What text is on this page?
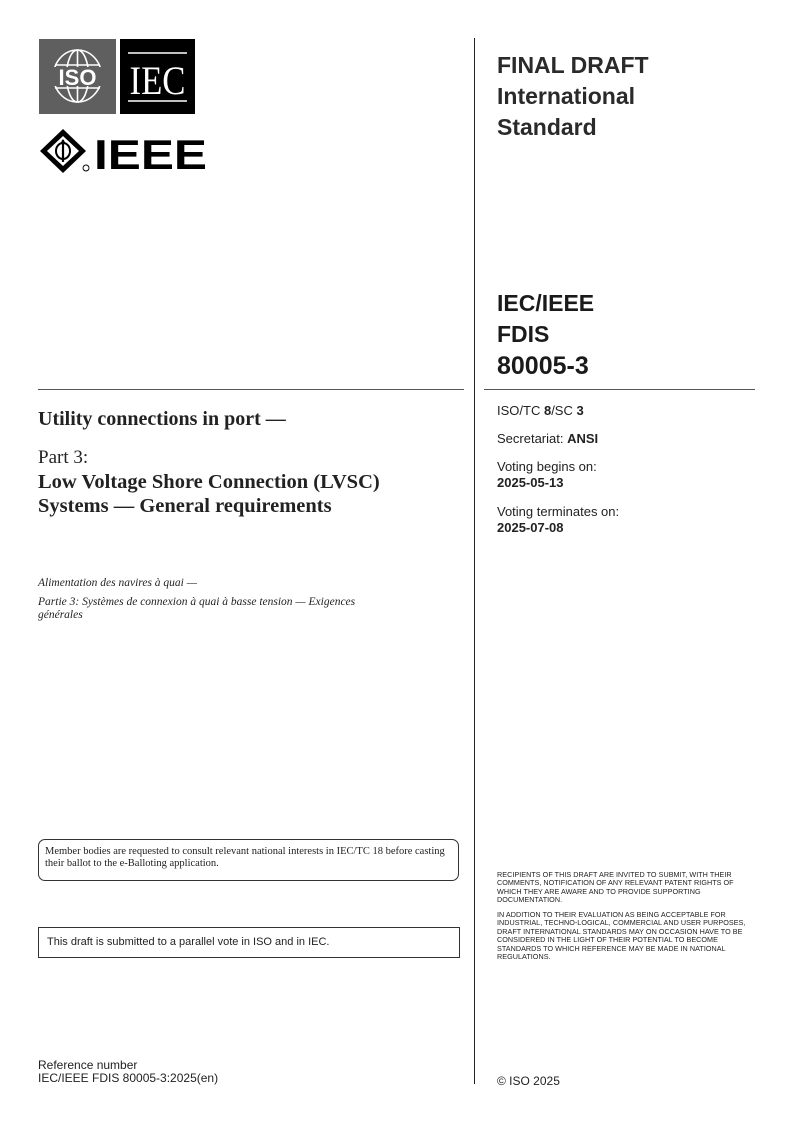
ISO IEC
IEEE
FINAL DRAFT
International
Standard
IEC/IEEE
FDIS
80005-3
ISO/TC 8/SC 3
Secretariat: ANSI
Voting begins on:
2025-05-13
Voting terminates on:
2025-07-08
Utility connections in port —
Part 3:
Low Voltage Shore Connection (LVSC) Systems — General requirements
Alimentation des navires à quai —
Partie 3: Systèmes de connexion à quai à basse tension — Exigences générales
Member bodies are requested to consult relevant national interests in IEC/TC 18 before casting their ballot to the e-Balloting application.
This draft is submitted to a parallel vote in ISO and in IEC.
RECIPIENTS OF THIS DRAFT ARE INVITED TO SUBMIT, WITH THEIR COMMENTS, NOTIFICATION OF ANY RELEVANT PATENT RIGHTS OF WHICH THEY ARE AWARE AND TO PROVIDE SUPPORTING DOCUMENTATION.
IN ADDITION TO THEIR EVALUATION AS BEING ACCEPTABLE FOR INDUSTRIAL, TECHNO-LOGICAL, COMMERCIAL AND USER PURPOSES, DRAFT INTERNATIONAL STANDARDS MAY ON OCCASION HAVE TO BE CONSIDERED IN THE LIGHT OF THEIR POTENTIAL TO BECOME STANDARDS TO WHICH REFERENCE MAY BE MADE IN NATIONAL REGULATIONS.
Reference number
IEC/IEEE FDIS 80005-3:2025(en)	© ISO 2025
